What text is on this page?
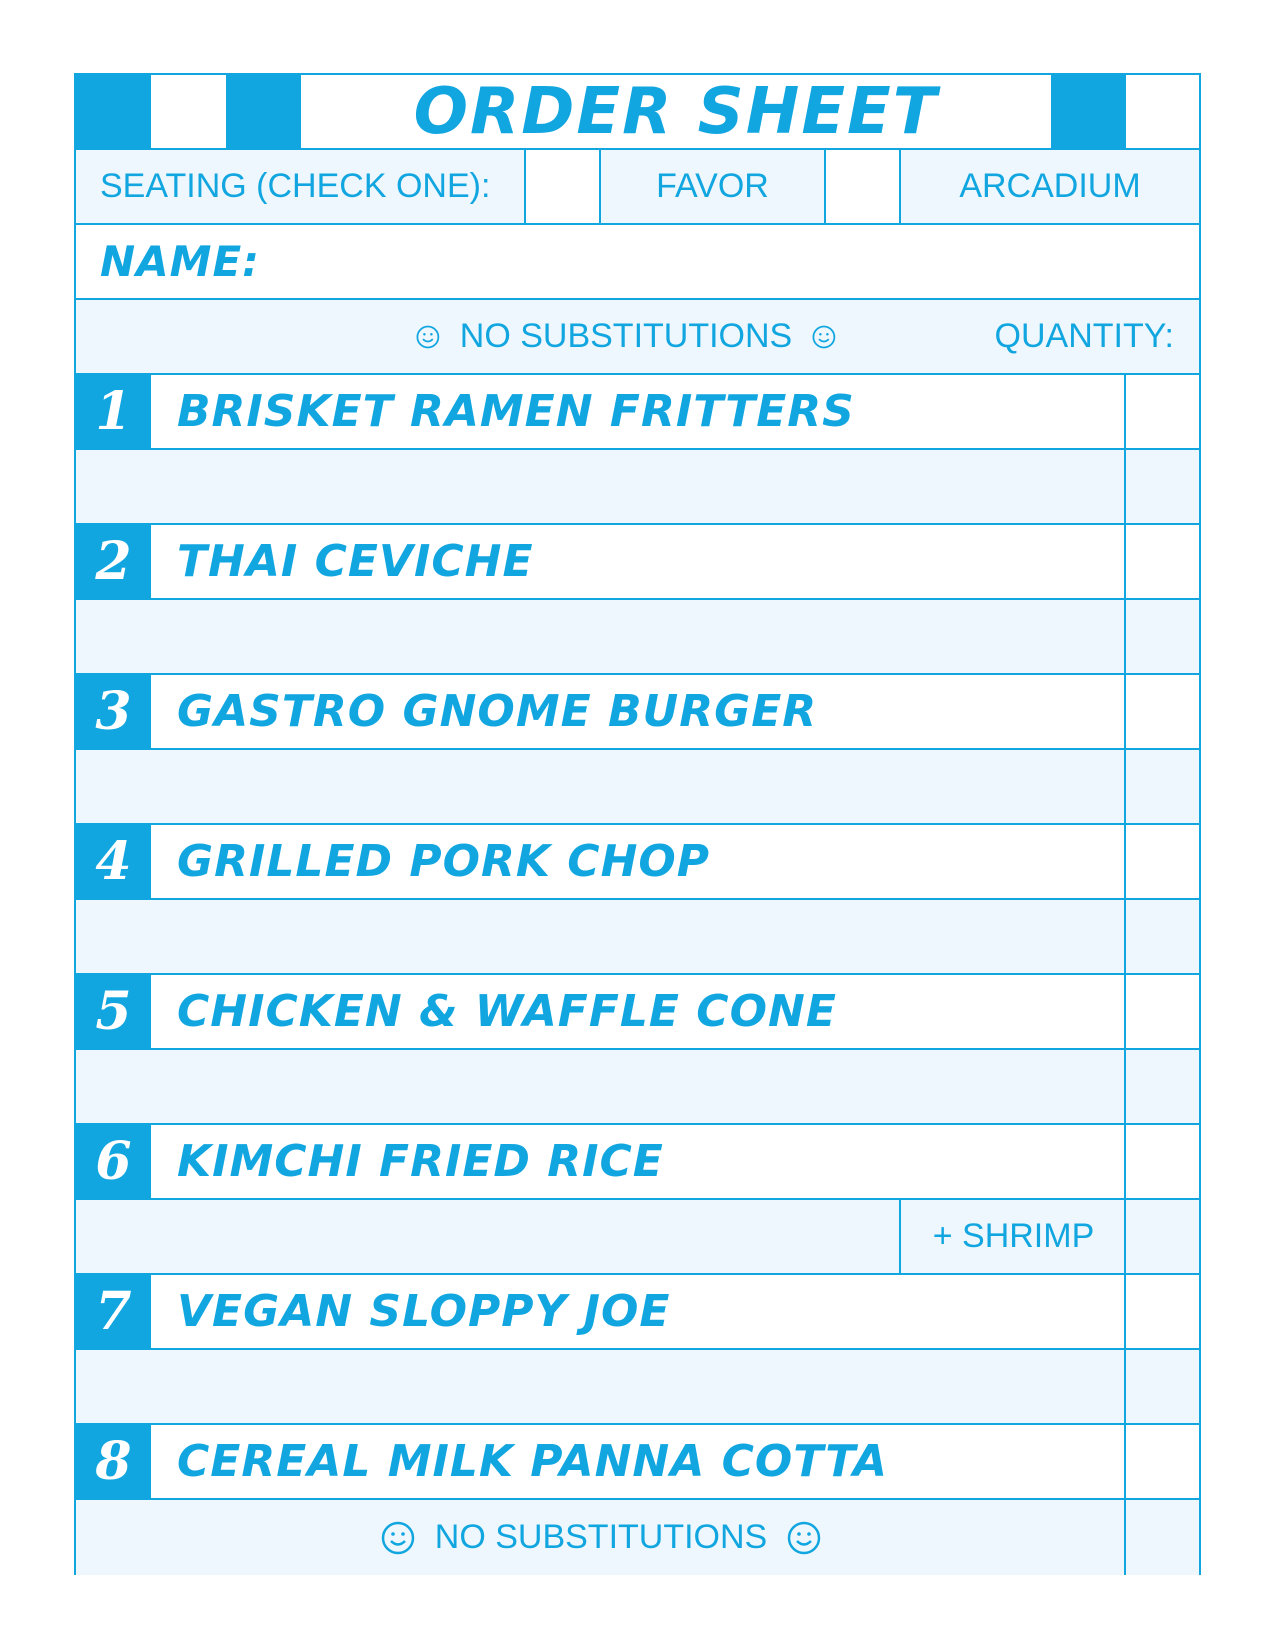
ORDER SHEET
SEATING (CHECK ONE):	FAVOR	ARCADIUM
NAME:
NO SUBSTITUTIONS	QUANTITY:
1	BRISKET RAMEN FRITTERS
2	THAI CEVICHE
3	GASTRO GNOME BURGER
4	GRILLED PORK CHOP
5	CHICKEN & WAFFLE CONE
6	KIMCHI FRIED RICE
+ SHRIMP
7	VEGAN SLOPPY JOE
8	CEREAL MILK PANNA COTTA
NO SUBSTITUTIONS
